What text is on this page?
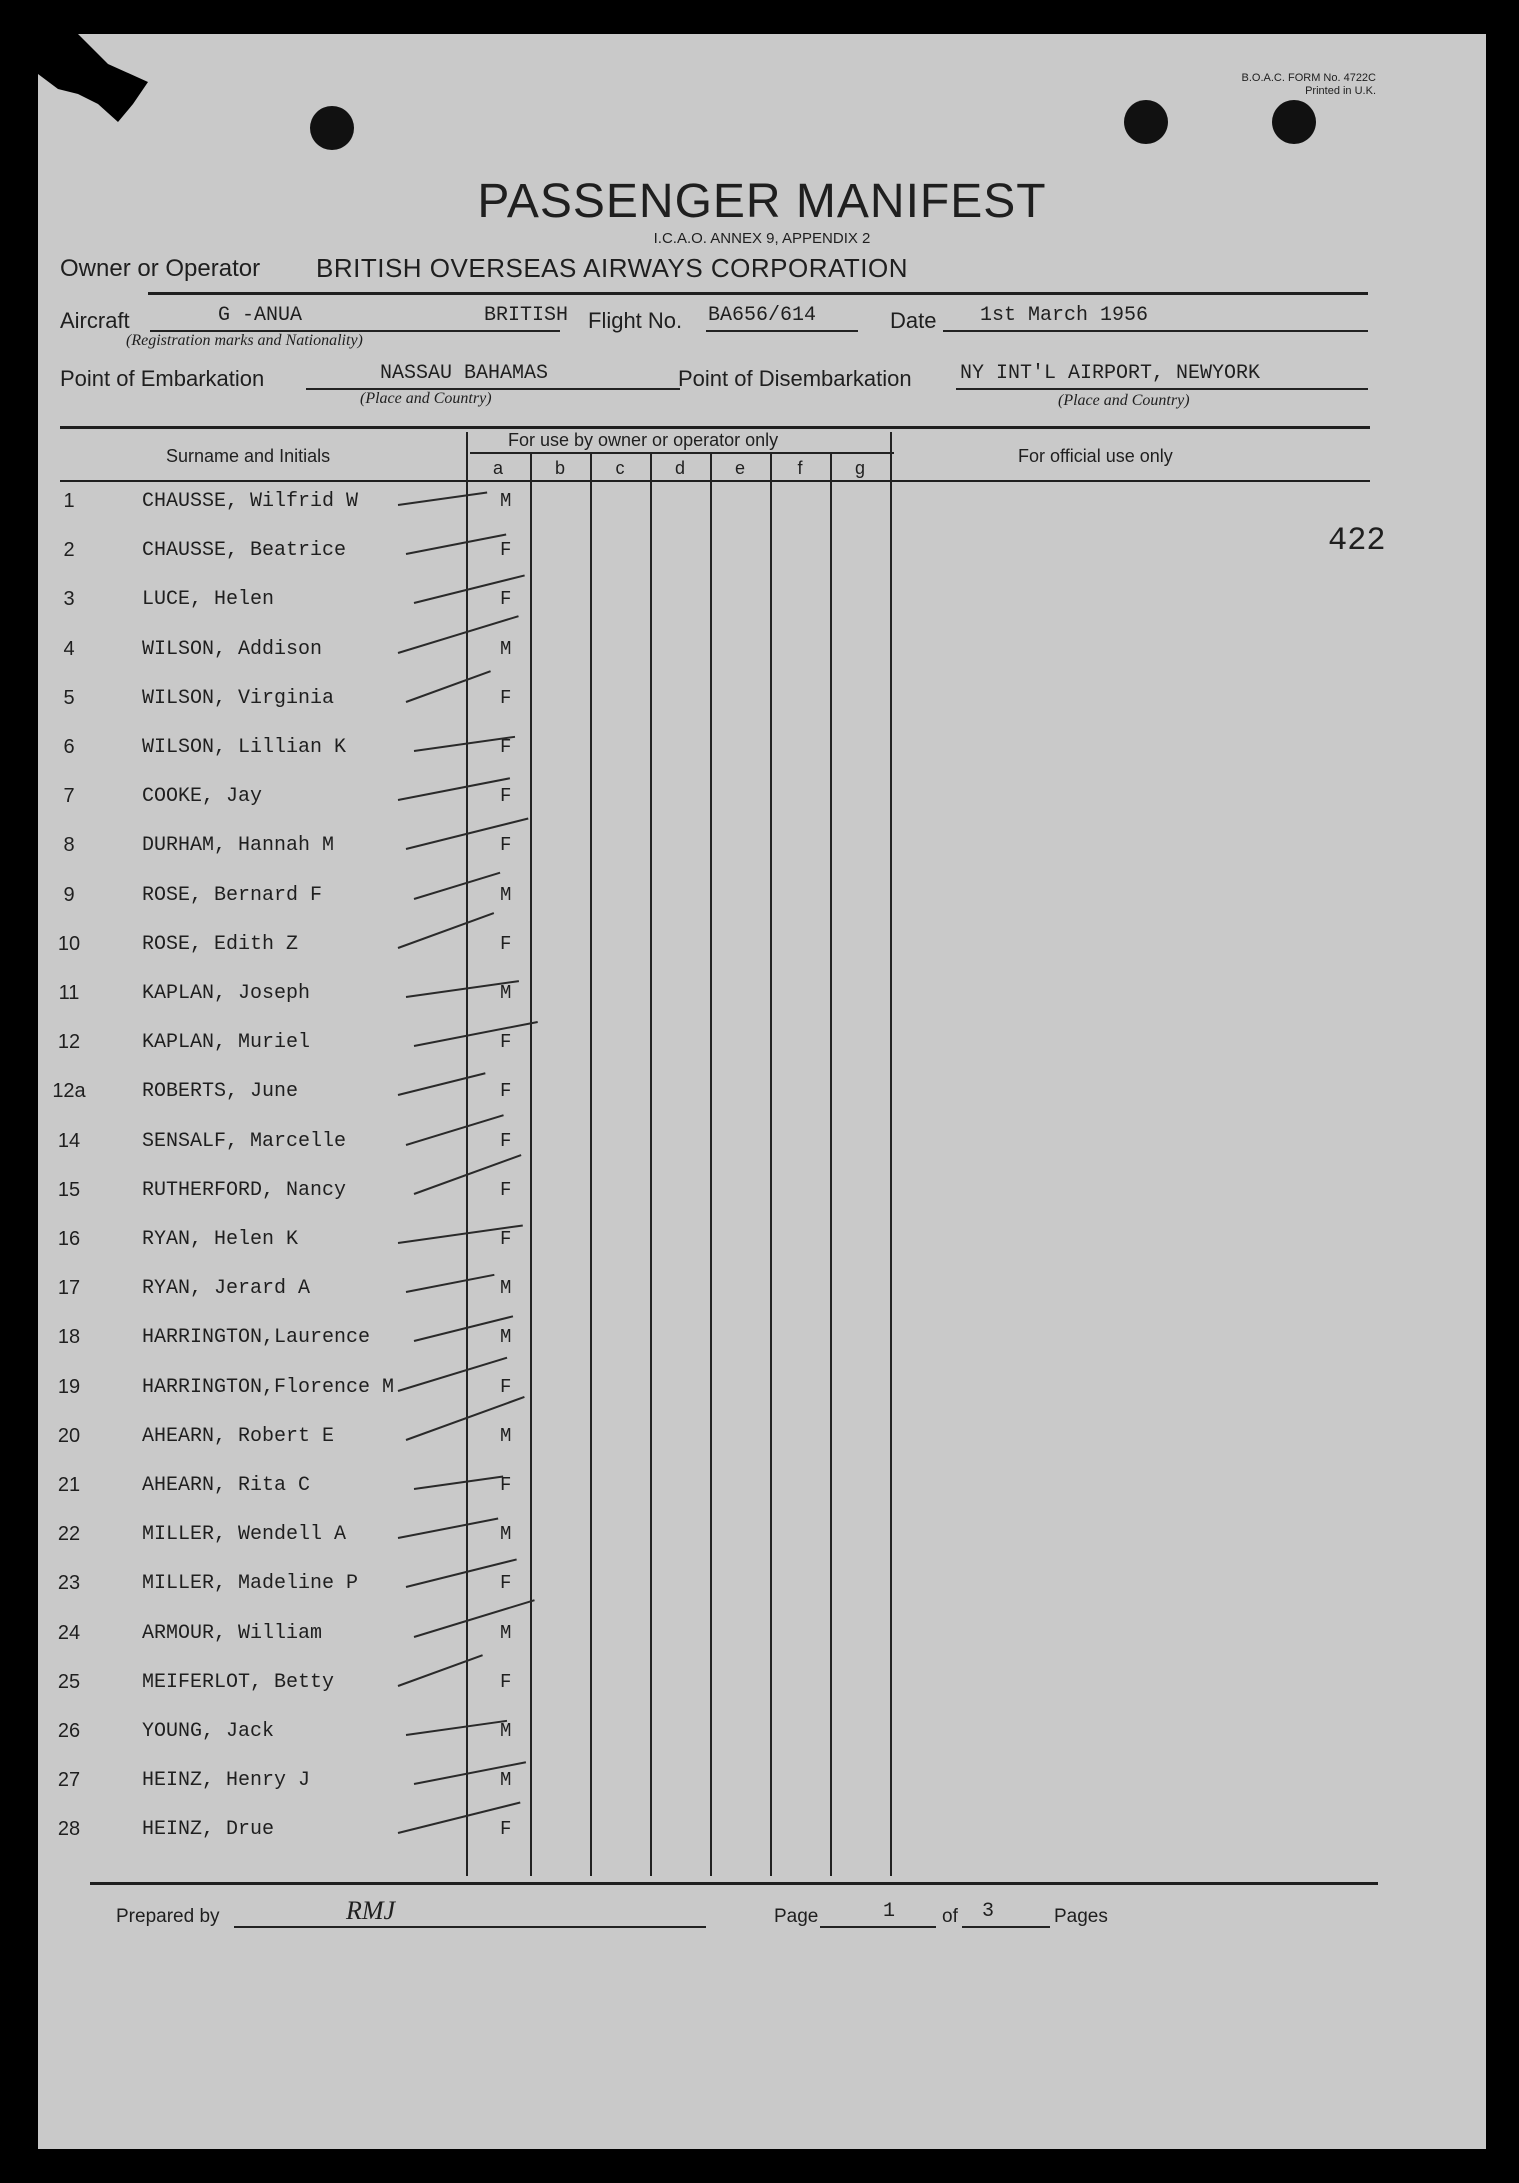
B.O.A.C. FORM No. 4722C
Printed in U.K.
PASSENGER MANIFEST
I.C.A.O. ANNEX 9, APPENDIX 2
Owner or Operator BRITISH OVERSEAS AIRWAYS CORPORATION
Aircraft	G -ANUA	BRITISH Flight No. BA656/614	Date 1st March 1956
(Registration marks and Nationality)
Point of Embarkation	NASSAU BAHAMAS
(Place and Country)
Point of Disembarkation NY INT'L AIRPORT, NEWYORK
(Place and Country)
Surname and Initials
For use by owner or operator only
For official use only
a	b	c	d	e	f	g
1	CHAUSSE, Wilfrid W	M
2	CHAUSSE, Beatrice	F
3	LUCE, Helen	F
4	WILSON, Addison	M
5	WILSON, Virginia	F
6	WILSON, Lillian K	F
7	COOKE, Jay	F
8	DURHAM, Hannah M	F
9	ROSE, Bernard F	M
10	ROSE, Edith Z	F
11	KAPLAN, Joseph	M
12	KAPLAN, Muriel	F
12a	ROBERTS, June	F
14	SENSALF, Marcelle	F
15	RUTHERFORD, Nancy	F
16	RYAN, Helen K	F
17	RYAN, Jerard A	M
18	HARRINGTON,Laurence	M
19	HARRINGTON,Florence M	F
20	AHEARN, Robert E	M
21	AHEARN, Rita C	F
22	MILLER, Wendell A	M
23	MILLER, Madeline P	F
24	ARMOUR, William	M
25	MEIFERLOT, Betty	F
26	YOUNG, Jack	M
27	HEINZ, Henry J	M
28	HEINZ, Drue	F
422
Prepared by	RMJ	Page	1 of 3	Pages
